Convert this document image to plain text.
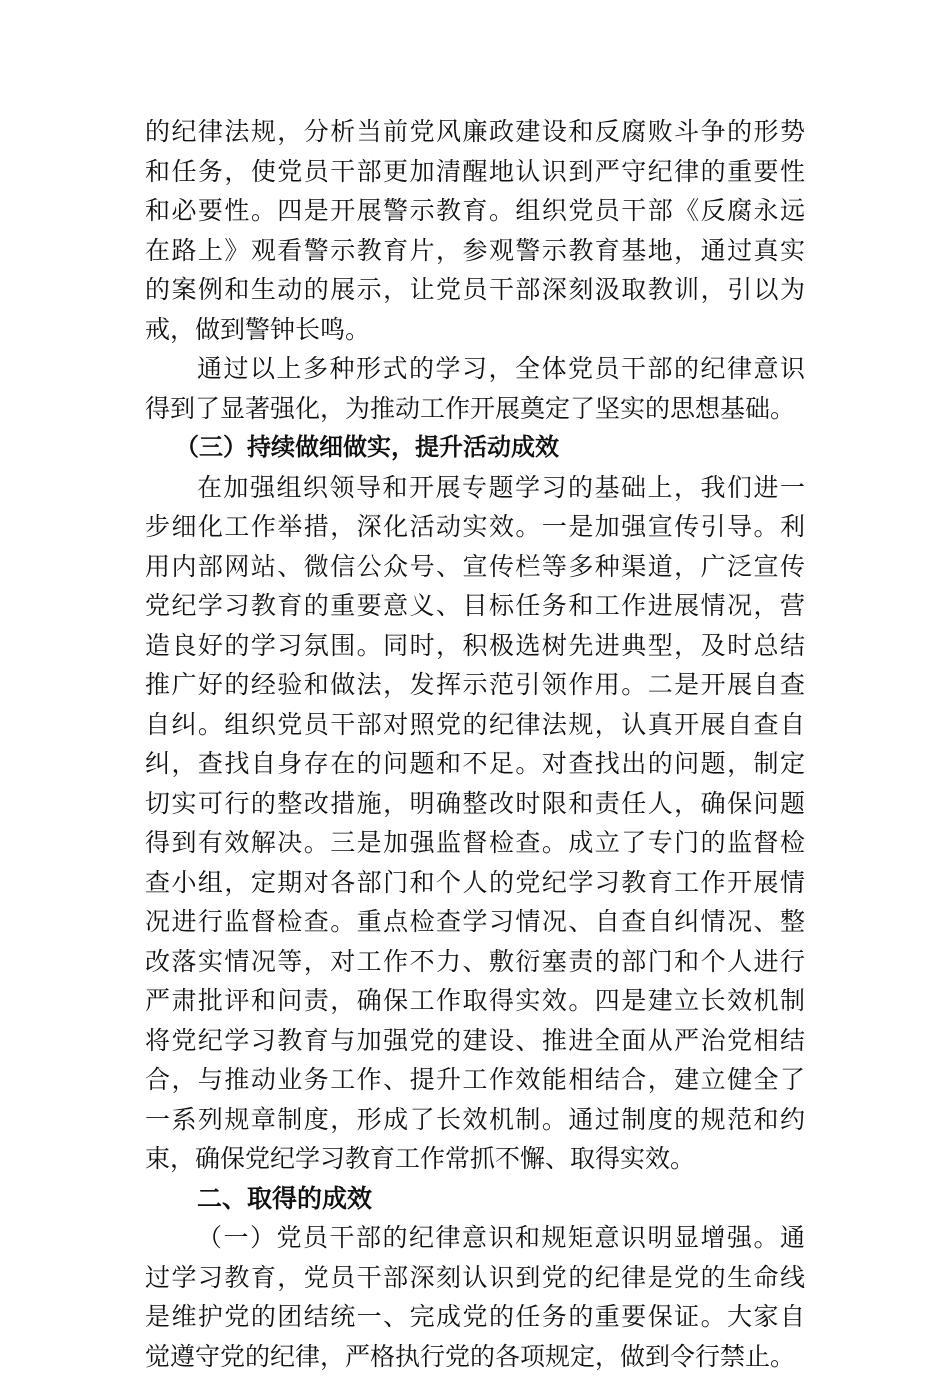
的纪律法规，分析当前党风廉政建设和反腐败斗争的形势
和任务，使党员干部更加清醒地认识到严守纪律的重要性
和必要性。四是开展警示教育。组织党员干部《反腐永远
在路上》观看警示教育片，参观警示教育基地，通过真实
的案例和生动的展示，让党员干部深刻汲取教训，引以为
戒，做到警钟长鸣。
通过以上多种形式的学习，全体党员干部的纪律意识
得到了显著强化，为推动工作开展奠定了坚实的思想基础。
（三）持续做细做实，提升活动成效
在加强组织领导和开展专题学习的基础上，我们进一
步细化工作举措，深化活动实效。一是加强宣传引导。利
用内部网站、微信公众号、宣传栏等多种渠道，广泛宣传
党纪学习教育的重要意义、目标任务和工作进展情况，营
造良好的学习氛围。同时，积极选树先进典型，及时总结
推广好的经验和做法，发挥示范引领作用。二是开展自查
自纠。组织党员干部对照党的纪律法规，认真开展自查自
纠，查找自身存在的问题和不足。对查找出的问题，制定
切实可行的整改措施，明确整改时限和责任人，确保问题
得到有效解决。三是加强监督检查。成立了专门的监督检
查小组，定期对各部门和个人的党纪学习教育工作开展情
况进行监督检查。重点检查学习情况、自查自纠情况、整
改落实情况等，对工作不力、敷衍塞责的部门和个人进行
严肃批评和问责，确保工作取得实效。四是建立长效机制
将党纪学习教育与加强党的建设、推进全面从严治党相结
合，与推动业务工作、提升工作效能相结合，建立健全了
一系列规章制度，形成了长效机制。通过制度的规范和约
束，确保党纪学习教育工作常抓不懈、取得实效。
二、取得的成效
（一）党员干部的纪律意识和规矩意识明显增强。通
过学习教育，党员干部深刻认识到党的纪律是党的生命线
是维护党的团结统一、完成党的任务的重要保证。大家自
觉遵守党的纪律，严格执行党的各项规定，做到令行禁止。
